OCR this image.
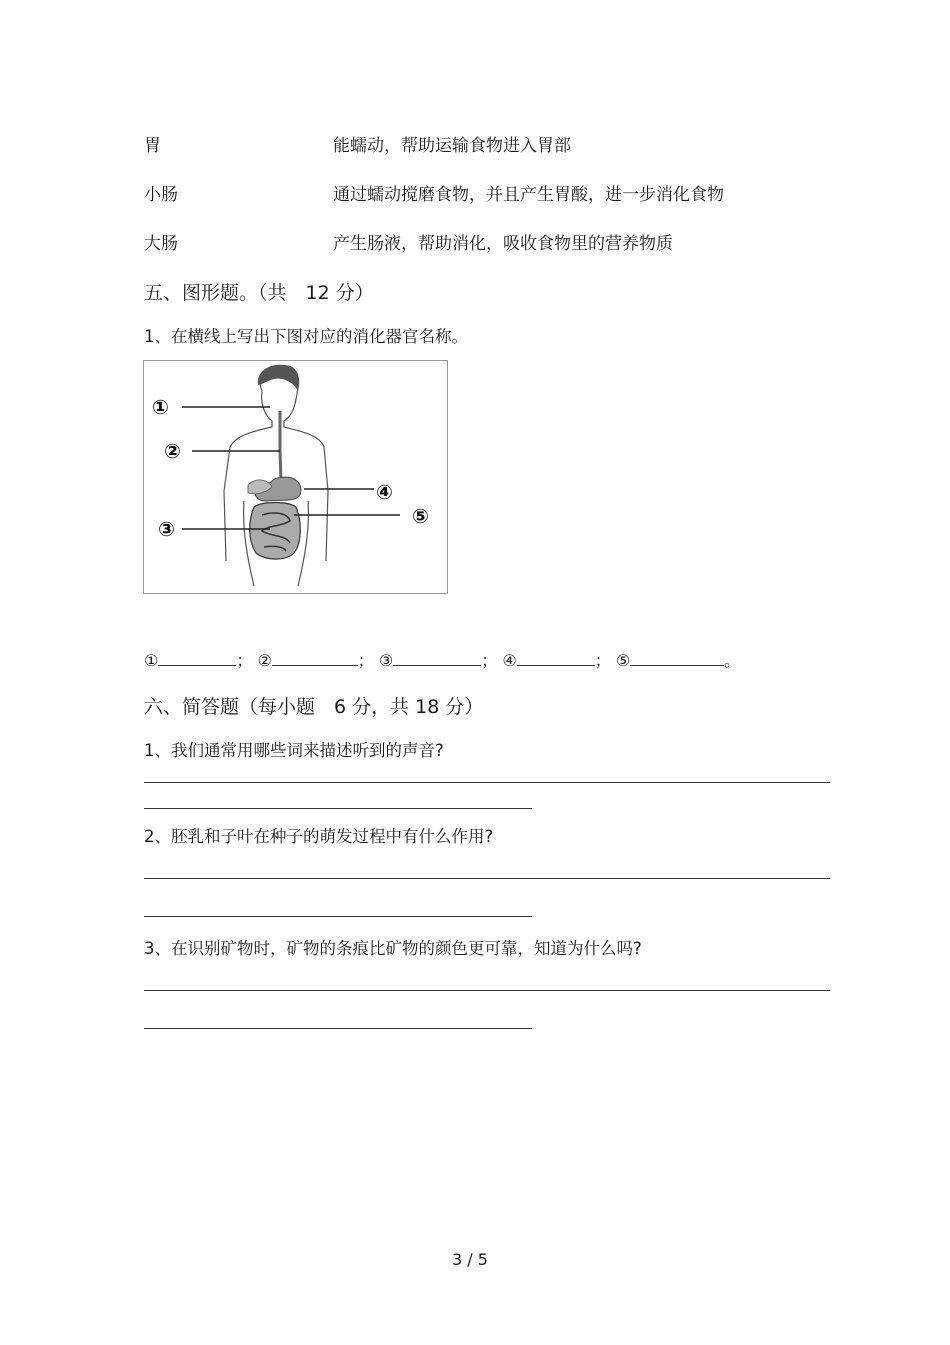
胃	能蠕动，帮助运输食物进入胃部
小肠	通过蠕动搅磨食物，并且产生胃酸，进一步消化食物
大肠	产生肠液，帮助消化，吸收食物里的营养物质
五、图形题。（共　12 分）
1、在横线上写出下图对应的消化器官名称。
①
②
③
④
⑤
①	； ②	； ③	； ④	； ⑤	。
六、简答题（每小题　6 分，共 18 分）
1、我们通常用哪些词来描述听到的声音?
2、胚乳和子叶在种子的萌发过程中有什么作用?
3、在识别矿物时，矿物的条痕比矿物的颜色更可靠，知道为什么吗?
3 / 5
